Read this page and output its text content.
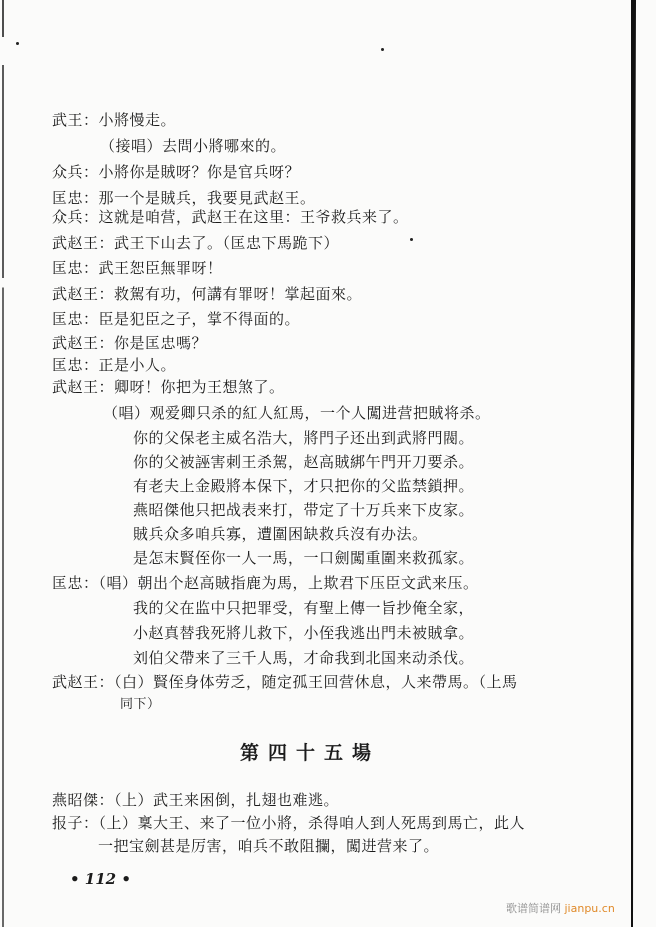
武王：小將慢走。
（接唱）去問小將哪來的。
众兵：小將你是賊呀？你是官兵呀？
匡忠：那一个是賊兵，我要見武赵王。
众兵：这就是咱营，武赵王在这里：王爷救兵来了。
武赵王：武王下山去了。（匡忠下馬跪下）
匡忠：武王恕臣無罪呀！
武赵王：救駕有功，何講有罪呀！掌起面來。
匡忠：臣是犯臣之子，掌不得面的。
武赵王：你是匡忠嗎？
匡忠：正是小人。
武赵王：卿呀！你把为王想煞了。
（唱）观爱卿只杀的紅人紅馬，一个人闖进营把賊将杀。
你的父保老主威名浩大，將門子还出到武將門閥。
你的父被誣害刺王杀駕，赵高賊綁午門开刀要杀。
有老夫上金殿將本保下，才只把你的父监禁鎖押。
燕昭傑他只把战表来打，带定了十万兵来下皮家。
賊兵众多咱兵寡，遭圍困缺救兵沒有办法。
是怎末賢侄你一人一馬，一口劍闖重圍来救孤家。
匡忠：（唱）朝出个赵高賊指鹿为馬，上欺君下压臣文武来压。
我的父在监中只把罪受，有聖上傳一旨抄俺全家，
小赵真替我死將儿救下，小侄我逃出門未被賊拿。
刘伯父帶来了三千人馬，才命我到北国来动杀伐。
武赵王：（白）賢侄身体劳乏，随定孤王回营休息，人来帶馬。（上馬
同下）
第四十五場
燕昭傑：（上）武王来困倒，扎翅也难逃。
报子：（上）稟大王、来了一位小將，杀得咱人到人死馬到馬亡，此人
一把宝劍甚是厉害，咱兵不敢阻攔，闖进营来了。
• 112 •
歌谱简谱网 jianpu.cn
